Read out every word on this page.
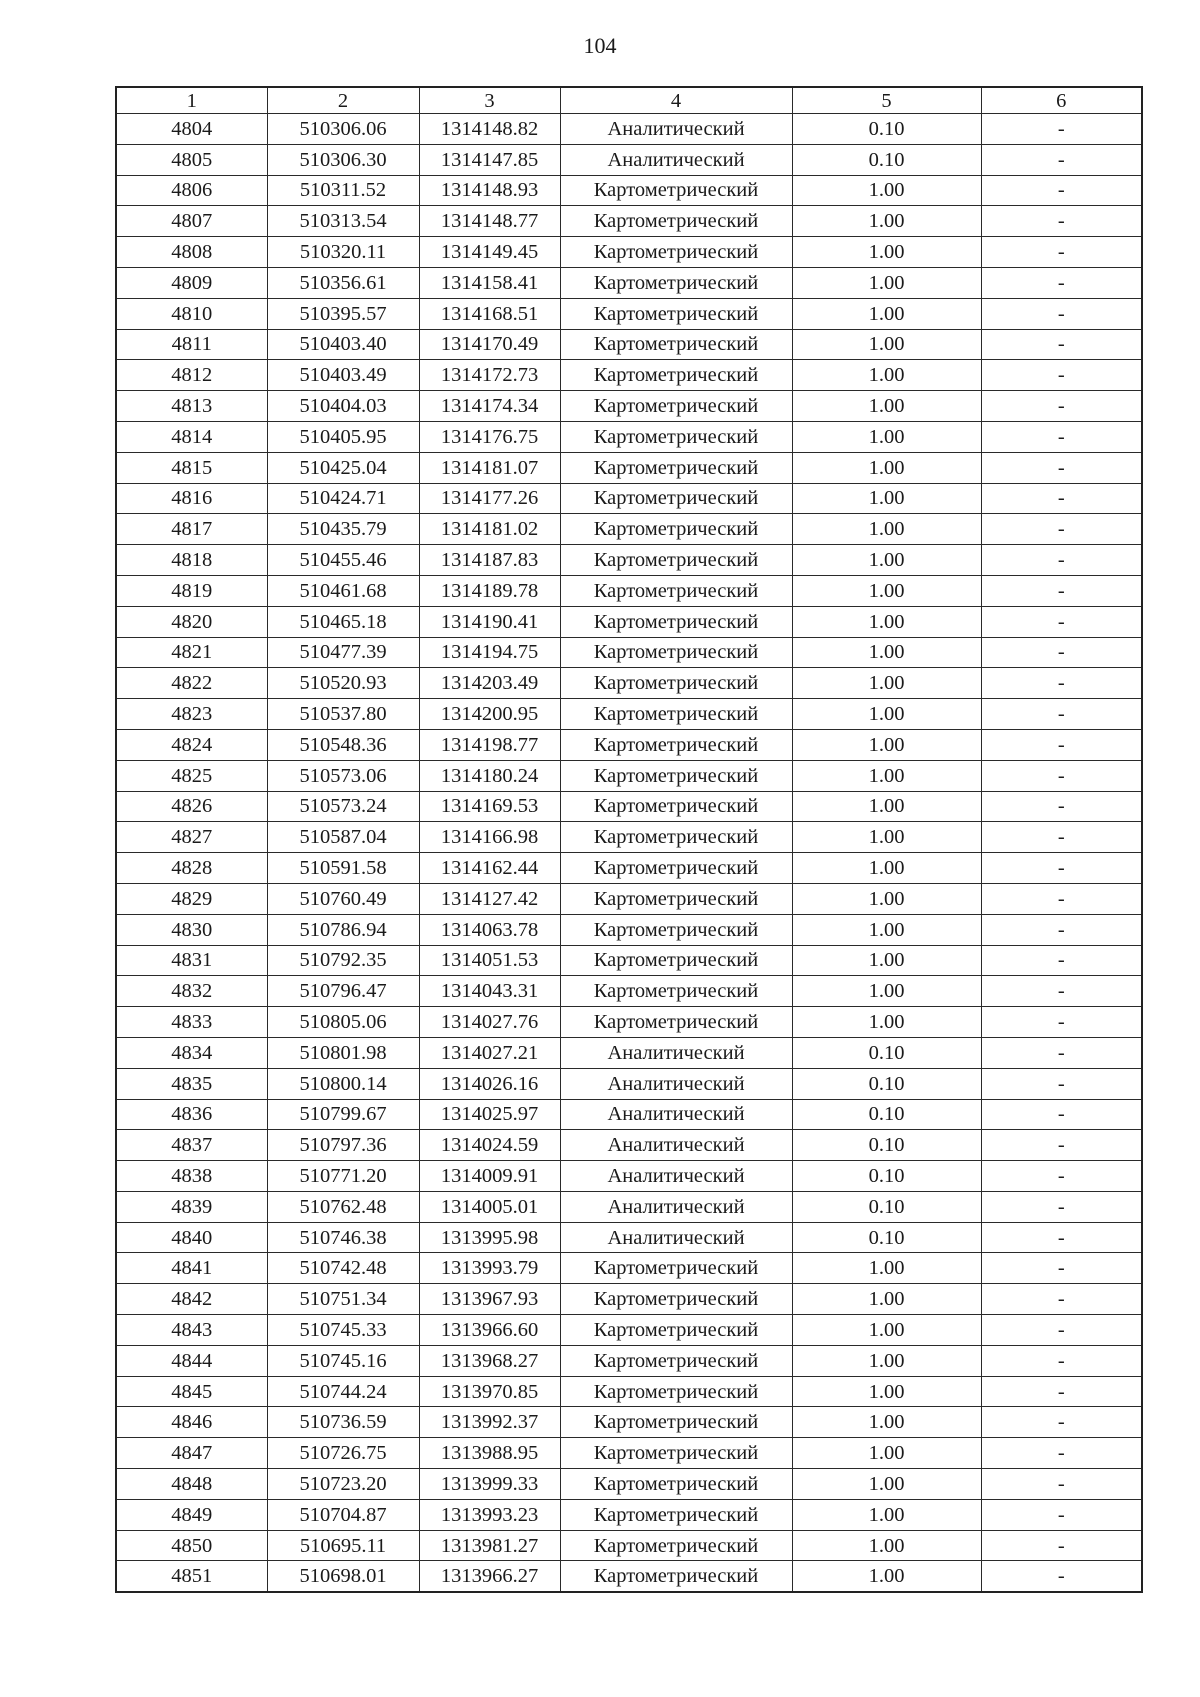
104
1	2	3	4	5	6
4804	510306.06	1314148.82	Аналитический	0.10	-
4805	510306.30	1314147.85	Аналитический	0.10	-
4806	510311.52	1314148.93	Картометрический	1.00	-
4807	510313.54	1314148.77	Картометрический	1.00	-
4808	510320.11	1314149.45	Картометрический	1.00	-
4809	510356.61	1314158.41	Картометрический	1.00	-
4810	510395.57	1314168.51	Картометрический	1.00	-
4811	510403.40	1314170.49	Картометрический	1.00	-
4812	510403.49	1314172.73	Картометрический	1.00	-
4813	510404.03	1314174.34	Картометрический	1.00	-
4814	510405.95	1314176.75	Картометрический	1.00	-
4815	510425.04	1314181.07	Картометрический	1.00	-
4816	510424.71	1314177.26	Картометрический	1.00	-
4817	510435.79	1314181.02	Картометрический	1.00	-
4818	510455.46	1314187.83	Картометрический	1.00	-
4819	510461.68	1314189.78	Картометрический	1.00	-
4820	510465.18	1314190.41	Картометрический	1.00	-
4821	510477.39	1314194.75	Картометрический	1.00	-
4822	510520.93	1314203.49	Картометрический	1.00	-
4823	510537.80	1314200.95	Картометрический	1.00	-
4824	510548.36	1314198.77	Картометрический	1.00	-
4825	510573.06	1314180.24	Картометрический	1.00	-
4826	510573.24	1314169.53	Картометрический	1.00	-
4827	510587.04	1314166.98	Картометрический	1.00	-
4828	510591.58	1314162.44	Картометрический	1.00	-
4829	510760.49	1314127.42	Картометрический	1.00	-
4830	510786.94	1314063.78	Картометрический	1.00	-
4831	510792.35	1314051.53	Картометрический	1.00	-
4832	510796.47	1314043.31	Картометрический	1.00	-
4833	510805.06	1314027.76	Картометрический	1.00	-
4834	510801.98	1314027.21	Аналитический	0.10	-
4835	510800.14	1314026.16	Аналитический	0.10	-
4836	510799.67	1314025.97	Аналитический	0.10	-
4837	510797.36	1314024.59	Аналитический	0.10	-
4838	510771.20	1314009.91	Аналитический	0.10	-
4839	510762.48	1314005.01	Аналитический	0.10	-
4840	510746.38	1313995.98	Аналитический	0.10	-
4841	510742.48	1313993.79	Картометрический	1.00	-
4842	510751.34	1313967.93	Картометрический	1.00	-
4843	510745.33	1313966.60	Картометрический	1.00	-
4844	510745.16	1313968.27	Картометрический	1.00	-
4845	510744.24	1313970.85	Картометрический	1.00	-
4846	510736.59	1313992.37	Картометрический	1.00	-
4847	510726.75	1313988.95	Картометрический	1.00	-
4848	510723.20	1313999.33	Картометрический	1.00	-
4849	510704.87	1313993.23	Картометрический	1.00	-
4850	510695.11	1313981.27	Картометрический	1.00	-
4851	510698.01	1313966.27	Картометрический	1.00	-
